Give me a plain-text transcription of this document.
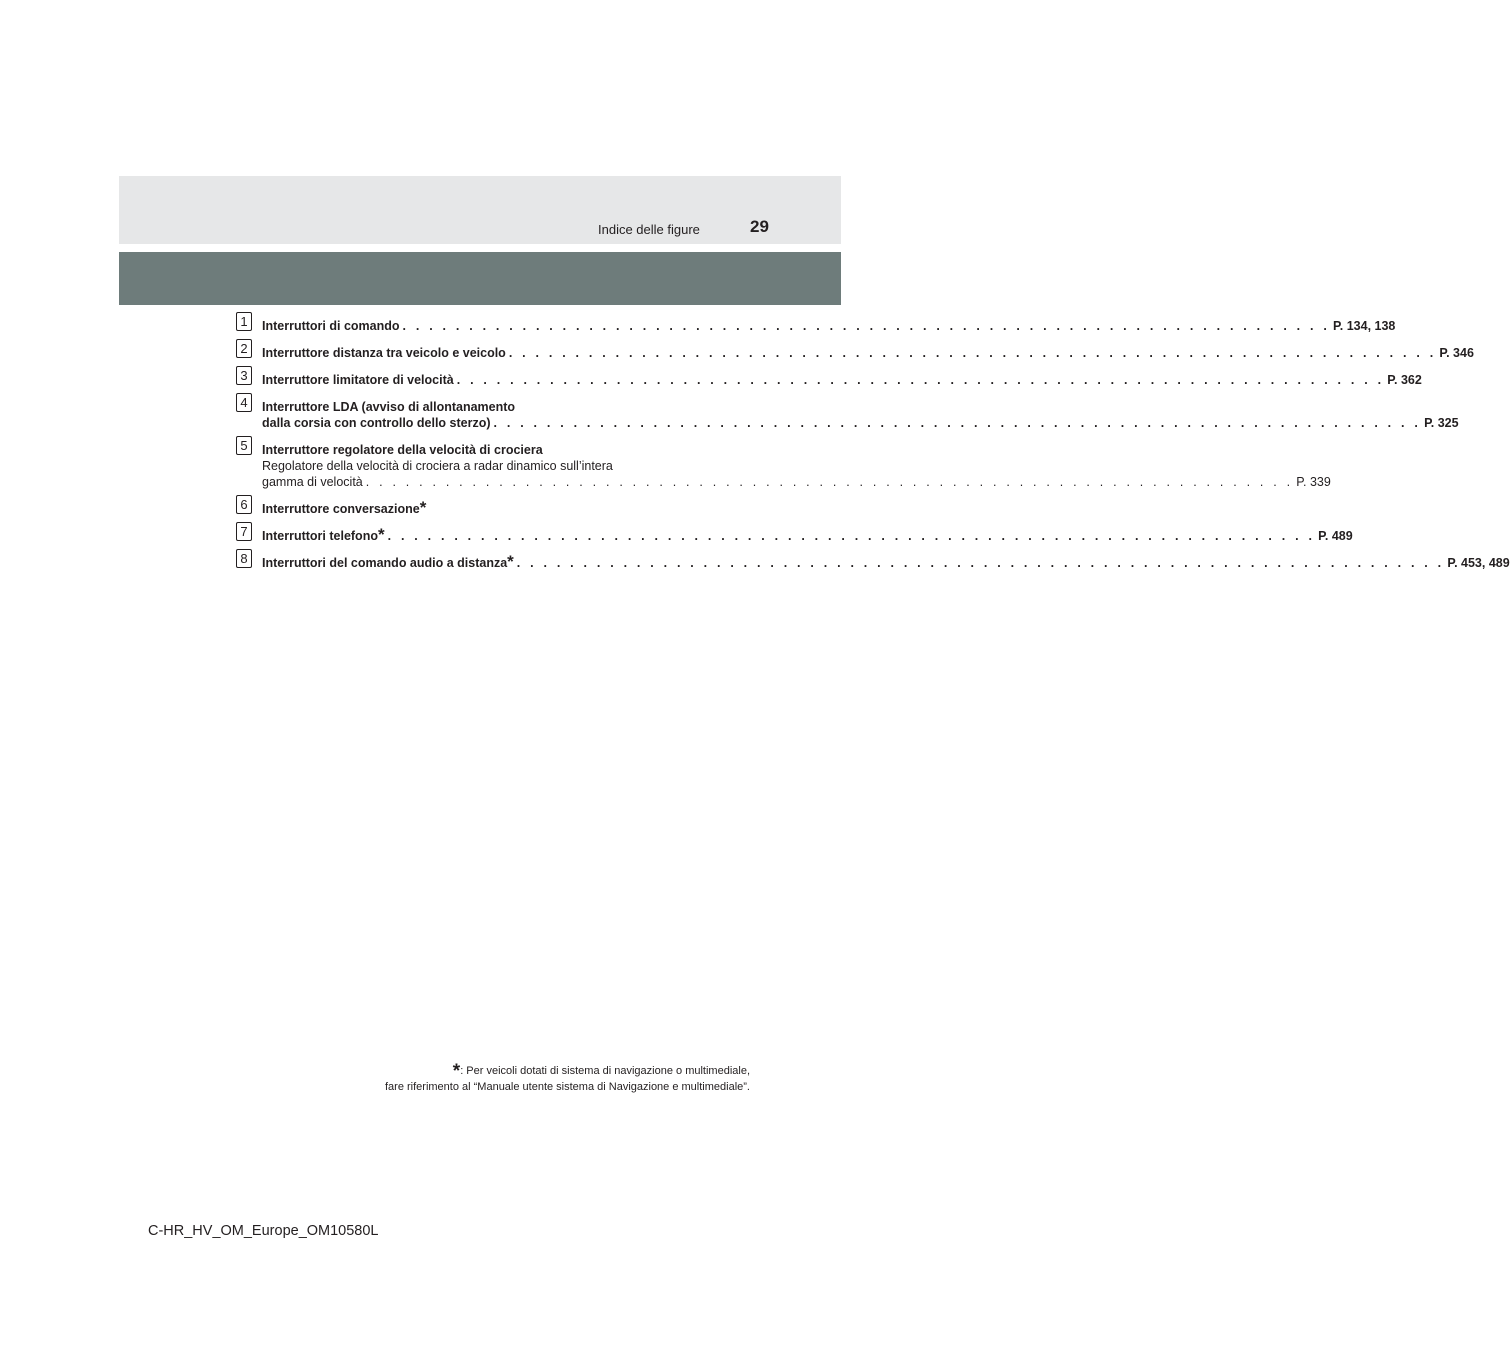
Indice delle figure	29
1	Interruttori di comando . . .	P. 134, 138
2	Interruttore distanza tra veicolo e veicolo . . .	P. 346
3	Interruttore limitatore di velocità . . .	P. 362
4	Interruttore LDA (avviso di allontanamento
dalla corsia con controllo dello sterzo) . . .	P. 325
5	Interruttore regolatore della velocità di crociera
Regolatore della velocità di crociera a radar dinamico sull’intera
gamma di velocità . . .	P. 339
6	Interruttore conversazione *
7	Interruttori telefono * . . .	P. 489
8	Interruttori del comando audio a distanza * . . .	P. 453, 489
*: Per veicoli dotati di sistema di navigazione o multimediale,
fare riferimento al “Manuale utente sistema di Navigazione e multimediale”.
C-HR_HV_OM_Europe_OM10580L
